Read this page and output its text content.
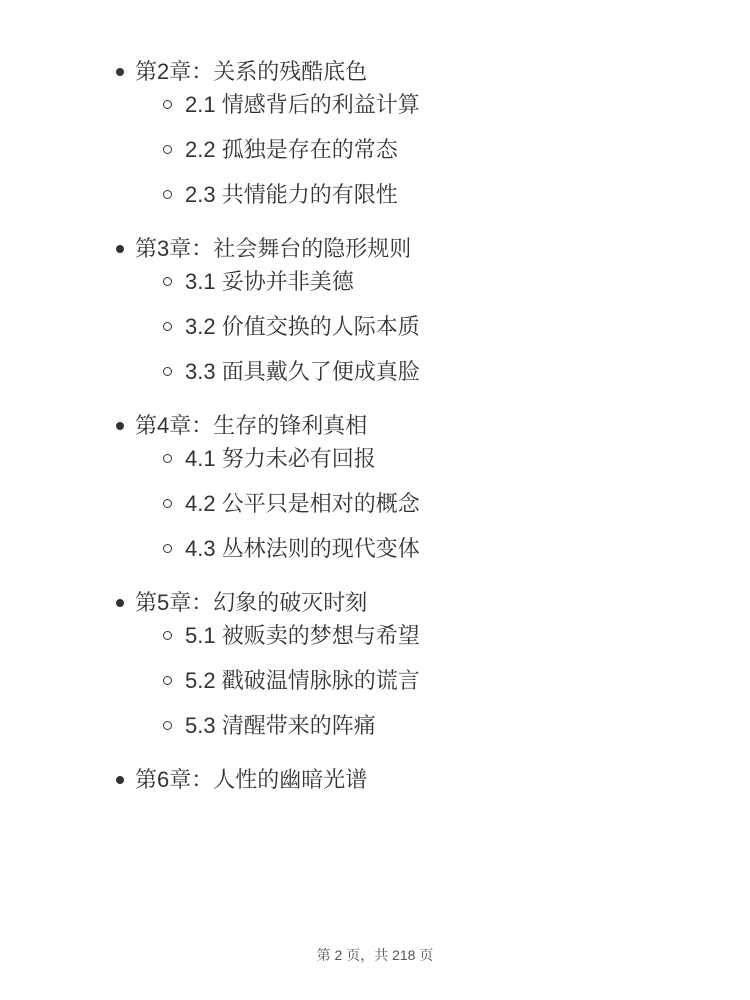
第2章：关系的残酷底色
2.1 情感背后的利益计算
2.2 孤独是存在的常态
2.3 共情能力的有限性
第3章：社会舞台的隐形规则
3.1 妥协并非美德
3.2 价值交换的人际本质
3.3 面具戴久了便成真脸
第4章：生存的锋利真相
4.1 努力未必有回报
4.2 公平只是相对的概念
4.3 丛林法则的现代变体
第5章：幻象的破灭时刻
5.1 被贩卖的梦想与希望
5.2 戳破温情脉脉的谎言
5.3 清醒带来的阵痛
第6章：人性的幽暗光谱
第 2 页，共 218 页
